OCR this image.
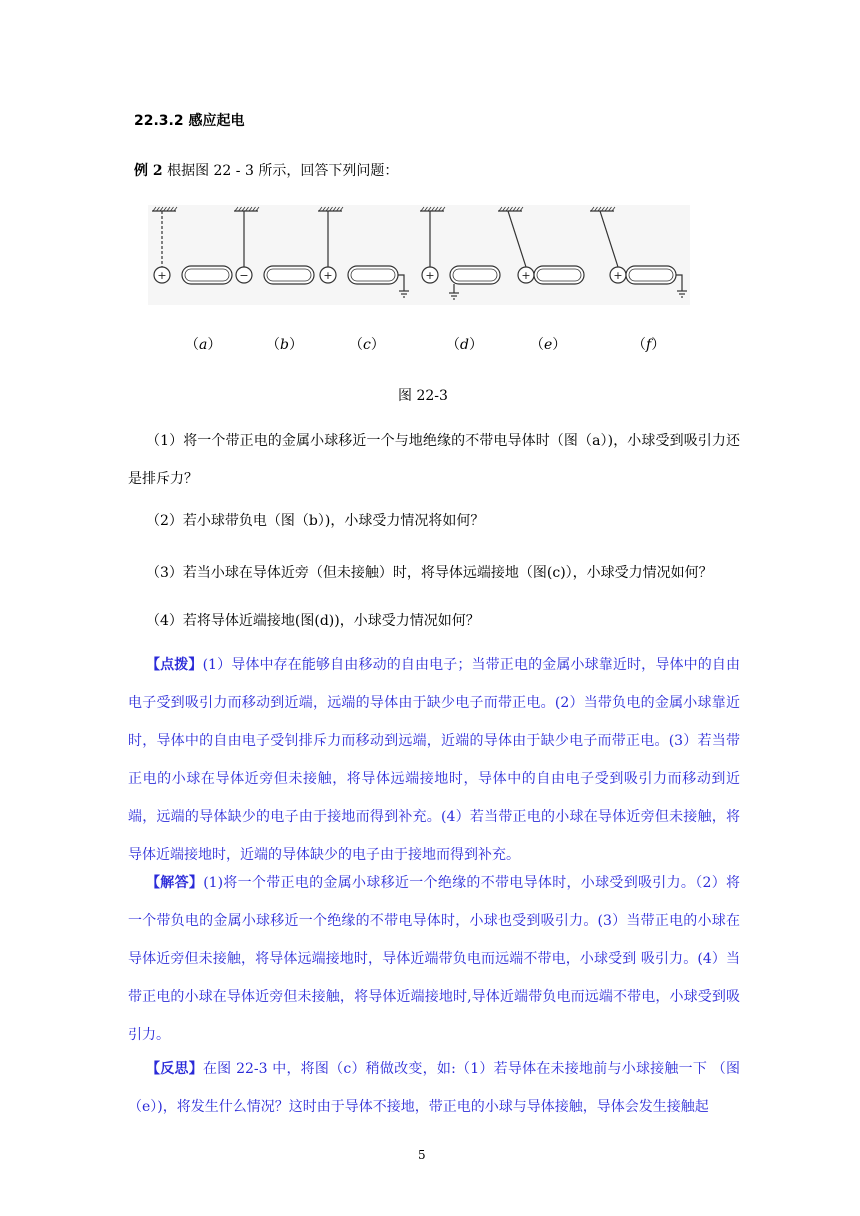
22.3.2 感应起电
例 2 根据图 22 - 3 所示，回答下列问题：
+	−	+	+	+	+
（a）	（b）	（c）	（d）	（e）	（f）
图 22-3
（1）将一个带正电的金属小球移近一个与地绝缘的不带电导体时（图（a）)，小球受到吸引力还是排斥力？
（2）若小球带负电（图（b）)，小球受力情况将如何？
（3）若当小球在导体近旁（但未接触）时，将导体远端接地（图(c)），小球受力情况如何？
（4）若将导体近端接地(图(d))，小球受力情况如何？
【点拨】(1）导体中存在能够自由移动的自由电子；当带正电的金属小球靠近时，导体中的自由电子受到吸引力而移动到近端，远端的导体由于缺少电子而带正电。(2）当带负电的金属小球靠近时，导体中的自由电子受钊排斥力而移动到远端，近端的导体由于缺少电子而带正电。(3）若当带正电的小球在导体近旁但未接触，将导体远端接地时，导体中的自由电子受到吸引力而移动到近端，远端的导体缺少的电子由于接地而得到补充。(4）若当带正电的小球在导体近旁但未接触，将导体近端接地时，近端的导体缺少的电子由于接地而得到补充。
【解答】(1)将一个带正电的金属小球移近一个绝缘的不带电导体时，小球受到吸引力。（2）将一个带负电的金属小球移近一个绝缘的不带电导体时，小球也受到吸引力。(3）当带正电的小球在导体近旁但未接触，将导体远端接地时，导体近端带负电而远端不带电，小球受到 吸引力。(4）当带正电的小球在导体近旁但未接触，将导体近端接地时,导体近端带负电而远端不带电，小球受到吸引力。
【反思】在图 22-3 中，将图（c）稍做改变，如:（1）若导体在未接地前与小球接触一下 （图（e）)，将发生什么情况？这时由于导体不接地，带正电的小球与导体接触，导体会发生接触起
5
